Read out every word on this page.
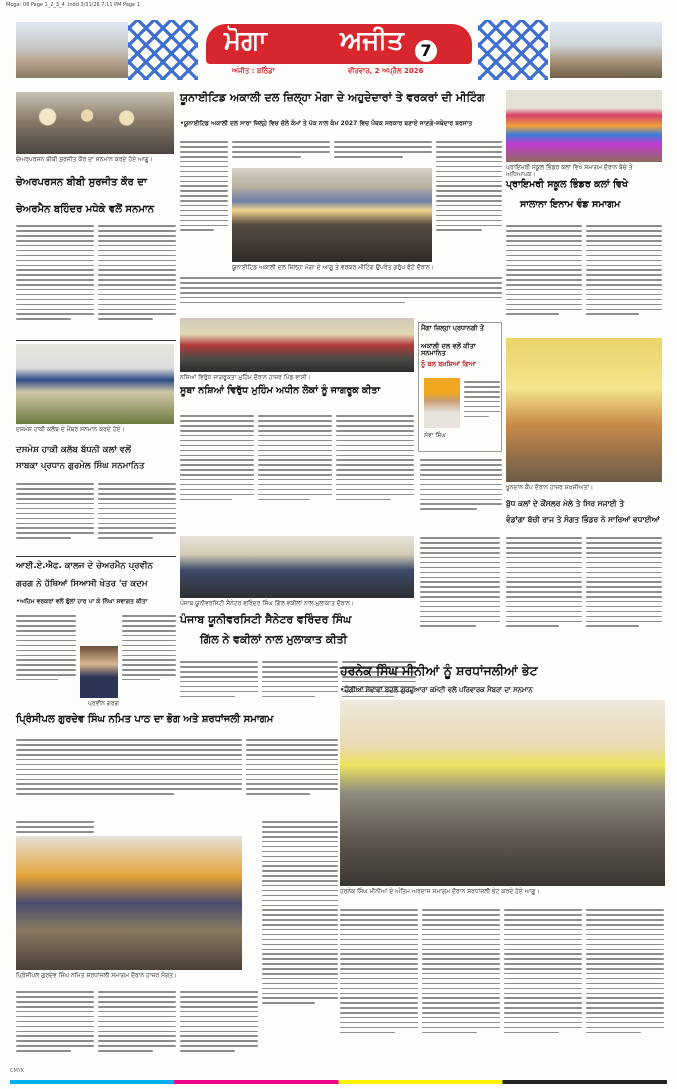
Moga: 08 Page 1_2_3_4 .indd 3/31/26 7:11 PM Page 1
ਮੋਗਾ	ਅਜੀਤ	7
ਅਜੀਤ : ਬਠਿੰਡਾ	ਵੀਰਵਾਰ, 2 ਅਪ੍ਰੈਲ 2026
ਚੇਅਰਪਰਸਨ ਬੀਬੀ ਸੁਰਜੀਤ ਕੌਰ ਦਾ ਸਨਮਾਨ ਕਰਦੇ ਹੋਏ ਆਗੂ।
ਚੇਅਰਪਰਸਨ ਬੀਬੀ ਸੁਰਜੀਤ ਕੌਰ ਦਾ
ਚੇਅਰਮੈਨ ਬਹਿੰਦਰ ਮਧੇਕੇ ਵਲੋਂ ਸਨਮਾਨ
ਦਸਮੇਸ਼ ਹਾਕੀ ਕਲੱਬ ਦੇ ਮੈਂਬਰ ਸਨਮਾਨ ਕਰਦੇ ਹੋਏ।
ਦਸਮੇਸ਼ ਹਾਕੀ ਕਲੱਬ ਬੱਧਨੀ ਕਲਾਂ ਵਲੋਂ
ਸਾਬਕਾ ਪ੍ਰਧਾਨ ਗੁਰਮੇਲ ਸਿੰਘ ਸਨਮਾਨਿਤ
ਆਈ.ਏ.ਐਫ. ਕਾਲਜ ਦੇ ਚੇਅਰਮੈਨ ਪ੍ਰਵੀਨ
ਗਰਗ ਨੇ ਹੱਥਿਆਂ ਸਿਆਸੀ ਖੇਤਰ 'ਚ ਕਦਮ
•ਅਹਿਮ ਵਰਕਰਾਂ ਵਲੋਂ ਫੁੱਲਾਂ ਹਾਰ ਪਾ ਕੇ ਨਿੱਘਾ ਸਵਾਗਤ ਕੀਤਾ
ਪ੍ਰਵੀਨ ਗਰਗ
ਯੂਨਾਈਟਿਡ ਅਕਾਲੀ ਦਲ ਜ਼ਿਲ੍ਹਾ ਮੋਗਾ ਦੇ ਅਹੁਦੇਦਾਰਾਂ ਤੇ ਵਰਕਰਾਂ ਦੀ ਮੀਟਿੰਗ
•ਯੂਨਾਈਟਿਡ ਅਕਾਲੀ ਦਲ ਸਾਰਾ ਜ਼ਿਲ੍ਹੇ ਵਿਚ ਚੱਲੇ ਕੰਮਾਂ ਤੇ ਪੱਕ ਨਾਲ ਕੰਮ 2027 ਵਿਚ ਪੰਥਕ ਸਰਕਾਰ ਬਣਾਏ ਜਾਣਗੇ-ਜਥੇਦਾਰ ਬਰਸਾਤ
ਯੂਨਾਈਟਿਡ ਅਕਾਲੀ ਦਲ ਜ਼ਿਲ੍ਹਾ ਮੋਗਾ ਦੇ ਆਗੂ ਤੇ ਵਰਕਰ ਮੀਟਿੰਗ ਉਪਰੰਤ ਗਰੁੱਪ ਫੋਟੋ ਦੌਰਾਨ।
ਨਸ਼ਿਆਂ ਵਿਰੁੱਧ ਜਾਗਰੂਕਤਾ ਮੁਹਿੰਮ ਦੌਰਾਨ ਹਾਜ਼ਰ ਪਿੰਡ ਵਾਸੀ।
ਸੂਬਾ ਨਸ਼ਿਆਂ ਵਿਰੁੱਧ ਮੁਹਿੰਮ ਅਧੀਨ ਲੋਕਾਂ ਨੂੰ ਜਾਗਰੂਕ ਕੀਤਾ
ਮੈਂਗਾ ਜ਼ਿਲ੍ਹਾ ਪ੍ਰਧਾਨਗੀ ਤੋਂ
ਅਕਾਲੀ ਦਲ ਵਲੋਂ ਕੀਤਾ ਸਨਮਾਨਿਤ
ਨੂੰ ਬਲ ਬਖ਼ਸ਼ਿਆਂ ਗਿਆ
ਸੇਵਾ ਸਿੰਘ
ਪ੍ਰਾਇਮਰੀ ਸਕੂਲ ਭਿੰਡਰ ਕਲਾਂ ਵਿਖੇ ਸਮਾਗਮ ਦੌਰਾਨ ਬੱਚੇ ਤੇ ਅਧਿਆਪਕ।
ਪ੍ਰਾਇਮਰੀ ਸਕੂਲ ਭਿੰਡਰ ਕਲਾਂ ਵਿਖੇ
ਸਾਲਾਨਾ ਇਨਾਮ ਵੰਡ ਸਮਾਗਮ
ਖੂਨਦਾਨ ਕੈਂਪ ਦੌਰਾਨ ਹਾਜ਼ਰ ਸ਼ਖ਼ਸੀਅਤਾਂ।
ਬੁੱਧ ਕਲਾਂ ਦੇ ਕੌਂਸਲਰ ਮੇਲੇ ਤੇ ਸਿਰ ਸਜਾਈ ਤੇ
ਵੰਡਾਂਗਾ ਬੱਚੀ ਰਾਜ ਤੇ ਸੰਗਤ ਭਿੰਡਰ ਨੇ ਸਾਰਿਆਂ ਵਧਾਈਆਂ
ਪੰਜਾਬ ਯੂਨੀਵਰਸਿਟੀ ਸੈਨੇਟਰ ਵਰਿੰਦਰ ਸਿੰਘ ਗਿੱਲ ਵਕੀਲਾਂ ਨਾਲ ਮੁਲਾਕਾਤ ਦੌਰਾਨ।
ਪੰਜਾਬ ਯੂਨੀਵਰਸਿਟੀ ਸੈਨੇਟਰ ਵਰਿੰਦਰ ਸਿੰਘ
ਗਿੱਲ ਨੇ ਵਕੀਲਾਂ ਨਾਲ ਮੁਲਾਕਾਤ ਕੀਤੀ
ਹਰਨੇਕ ਸਿੰਘ ਮੀਨੀਆਂ ਨੂੰ ਸ਼ਰਧਾਂਜਲੀਆਂ ਭੇਟ
•ਚੰਗੀਆਂ ਸੇਵਾਵਾਂ ਬਦਲੇ ਗੁਰਦੁਆਰਾ ਕਮੇਟੀ ਵਲੋਂ ਪਰਿਵਾਰਕ ਮੈਂਬਰਾਂ ਦਾ ਸਨਮਾਨ
ਹਰਨੇਕ ਸਿੰਘ ਮੀਨੀਆਂ ਦੇ ਅੰਤਿਮ ਅਰਦਾਸ ਸਮਾਗਮ ਦੌਰਾਨ ਸ਼ਰਧਾਂਜਲੀ ਭੇਟ ਕਰਦੇ ਹੋਏ ਆਗੂ।
ਪ੍ਰਿੰਸੀਪਲ ਗੁਰਦੇਵ ਸਿੰਘ ਨਮਿਤ ਪਾਠ ਦਾ ਭੋਗ ਅਤੇ ਸ਼ਰਧਾਂਜਲੀ ਸਮਾਗਮ
ਪ੍ਰਿੰਸੀਪਲ ਗੁਰਦੇਵ ਸਿੰਘ ਨਮਿਤ ਸ਼ਰਧਾਂਜਲੀ ਸਮਾਗਮ ਦੌਰਾਨ ਹਾਜ਼ਰ ਸੰਗਤ।
CMYK
